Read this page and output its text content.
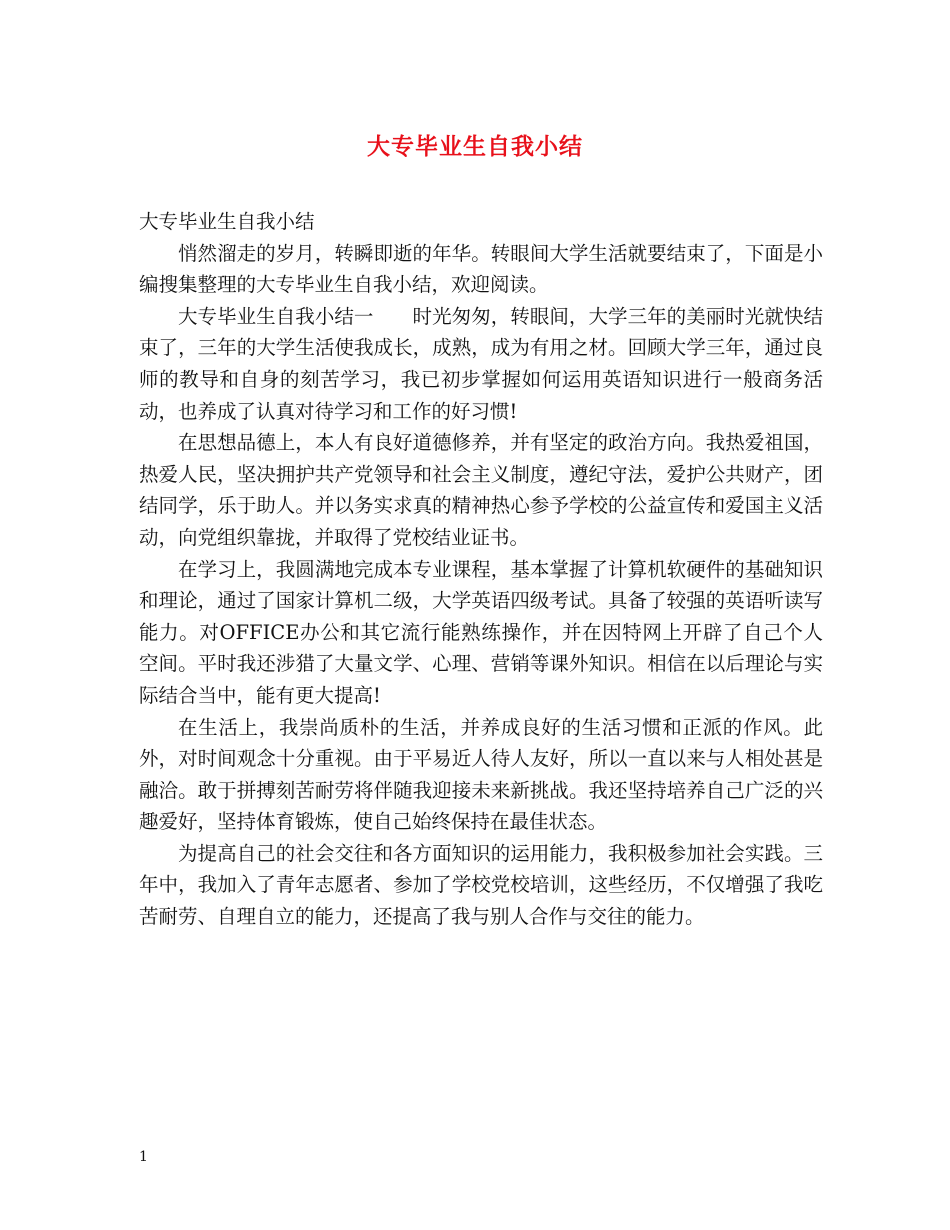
大专毕业生自我小结

大专毕业生自我小结

悄然溜走的岁月，转瞬即逝的年华。转眼间大学生活就要结束了，下面是小编搜集整理的大专毕业生自我小结，欢迎阅读。

大专毕业生自我小结一　　时光匆匆，转眼间，大学三年的美丽时光就快结束了，三年的大学生活使我成长，成熟，成为有用之材。回顾大学三年，通过良师的教导和自身的刻苦学习，我已初步掌握如何运用英语知识进行一般商务活动，也养成了认真对待学习和工作的好习惯!

在思想品德上，本人有良好道德修养，并有坚定的政治方向。我热爱祖国，热爱人民，坚决拥护共产党领导和社会主义制度，遵纪守法，爱护公共财产，团结同学，乐于助人。并以务实求真的精神热心参予学校的公益宣传和爱国主义活动，向党组织靠拢，并取得了党校结业证书。

在学习上，我圆满地完成本专业课程，基本掌握了计算机软硬件的基础知识和理论，通过了国家计算机二级，大学英语四级考试。具备了较强的英语听读写能力。对OFFICE办公和其它流行能熟练操作，并在因特网上开辟了自己个人空间。平时我还涉猎了大量文学、心理、营销等课外知识。相信在以后理论与实际结合当中，能有更大提高!

在生活上，我崇尚质朴的生活，并养成良好的生活习惯和正派的作风。此外，对时间观念十分重视。由于平易近人待人友好，所以一直以来与人相处甚是融洽。敢于拼搏刻苦耐劳将伴随我迎接未来新挑战。我还坚持培养自己广泛的兴趣爱好，坚持体育锻炼，使自己始终保持在最佳状态。

为提高自己的社会交往和各方面知识的运用能力，我积极参加社会实践。三年中，我加入了青年志愿者、参加了学校党校培训，这些经历，不仅增强了我吃苦耐劳、自理自立的能力，还提高了我与别人合作与交往的能力。

1
